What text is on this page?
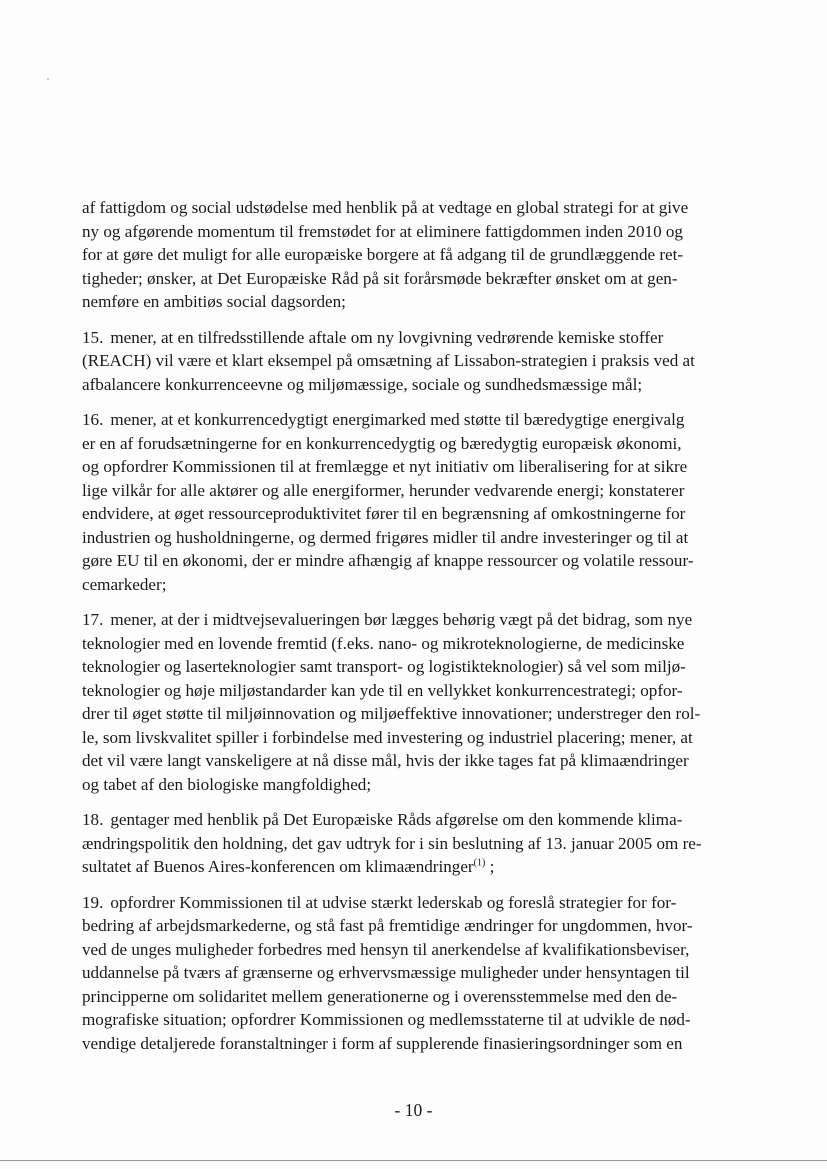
af fattigdom og social udstødelse med henblik på at vedtage en global strategi for at give
ny og afgørende momentum til fremstødet for at eliminere fattigdommen inden 2010 og
for at gøre det muligt for alle europæiske borgere at få adgang til de grundlæggende ret-
tigheder; ønsker, at Det Europæiske Råd på sit forårsmøde bekræfter ønsket om at gen-
nemføre en ambitiøs social dagsorden;

15. mener, at en tilfredsstillende aftale om ny lovgivning vedrørende kemiske stoffer
(REACH) vil være et klart eksempel på omsætning af Lissabon-strategien i praksis ved at
afbalancere konkurrenceevne og miljømæssige, sociale og sundhedsmæssige mål;

16. mener, at et konkurrencedygtigt energimarked med støtte til bæredygtige energivalg
er en af forudsætningerne for en konkurrencedygtig og bæredygtig europæisk økonomi,
og opfordrer Kommissionen til at fremlægge et nyt initiativ om liberalisering for at sikre
lige vilkår for alle aktører og alle energiformer, herunder vedvarende energi; konstaterer
endvidere, at øget ressourceproduktivitet fører til en begrænsning af omkostningerne for
industrien og husholdningerne, og dermed frigøres midler til andre investeringer og til at
gøre EU til en økonomi, der er mindre afhængig af knappe ressourcer og volatile ressour-
cemarkeder;

17. mener, at der i midtvejsevalueringen bør lægges behørig vægt på det bidrag, som nye
teknologier med en lovende fremtid (f.eks. nano- og mikroteknologierne, de medicinske
teknologier og laserteknologier samt transport- og logistikteknologier) så vel som miljø-
teknologier og høje miljøstandarder kan yde til en vellykket konkurrencestrategi; opfor-
drer til øget støtte til miljøinnovation og miljøeffektive innovationer; understreger den rol-
le, som livskvalitet spiller i forbindelse med investering og industriel placering; mener, at
det vil være langt vanskeligere at nå disse mål, hvis der ikke tages fat på klimaændringer
og tabet af den biologiske mangfoldighed;

18. gentager med henblik på Det Europæiske Råds afgørelse om den kommende klima-
ændringspolitik den holdning, det gav udtryk for i sin beslutning af 13. januar 2005 om re-
sultatet af Buenos Aires-konferencen om klimaændringer$^{(1)}$ ;

19. opfordrer Kommissionen til at udvise stærkt lederskab og foreslå strategier for for-
bedring af arbejdsmarkederne, og stå fast på fremtidige ændringer for ungdommen, hvor-
ved de unges muligheder forbedres med hensyn til anerkendelse af kvalifikationsbeviser,
uddannelse på tværs af grænserne og erhvervsmæssige muligheder under hensyntagen til
principperne om solidaritet mellem generationerne og i overensstemmelse med den de-
mografiske situation; opfordrer Kommissionen og medlemsstaterne til at udvikle de nød-
vendige detaljerede foranstaltninger i form af supplerende finasieringsordninger som en

- 10 -
